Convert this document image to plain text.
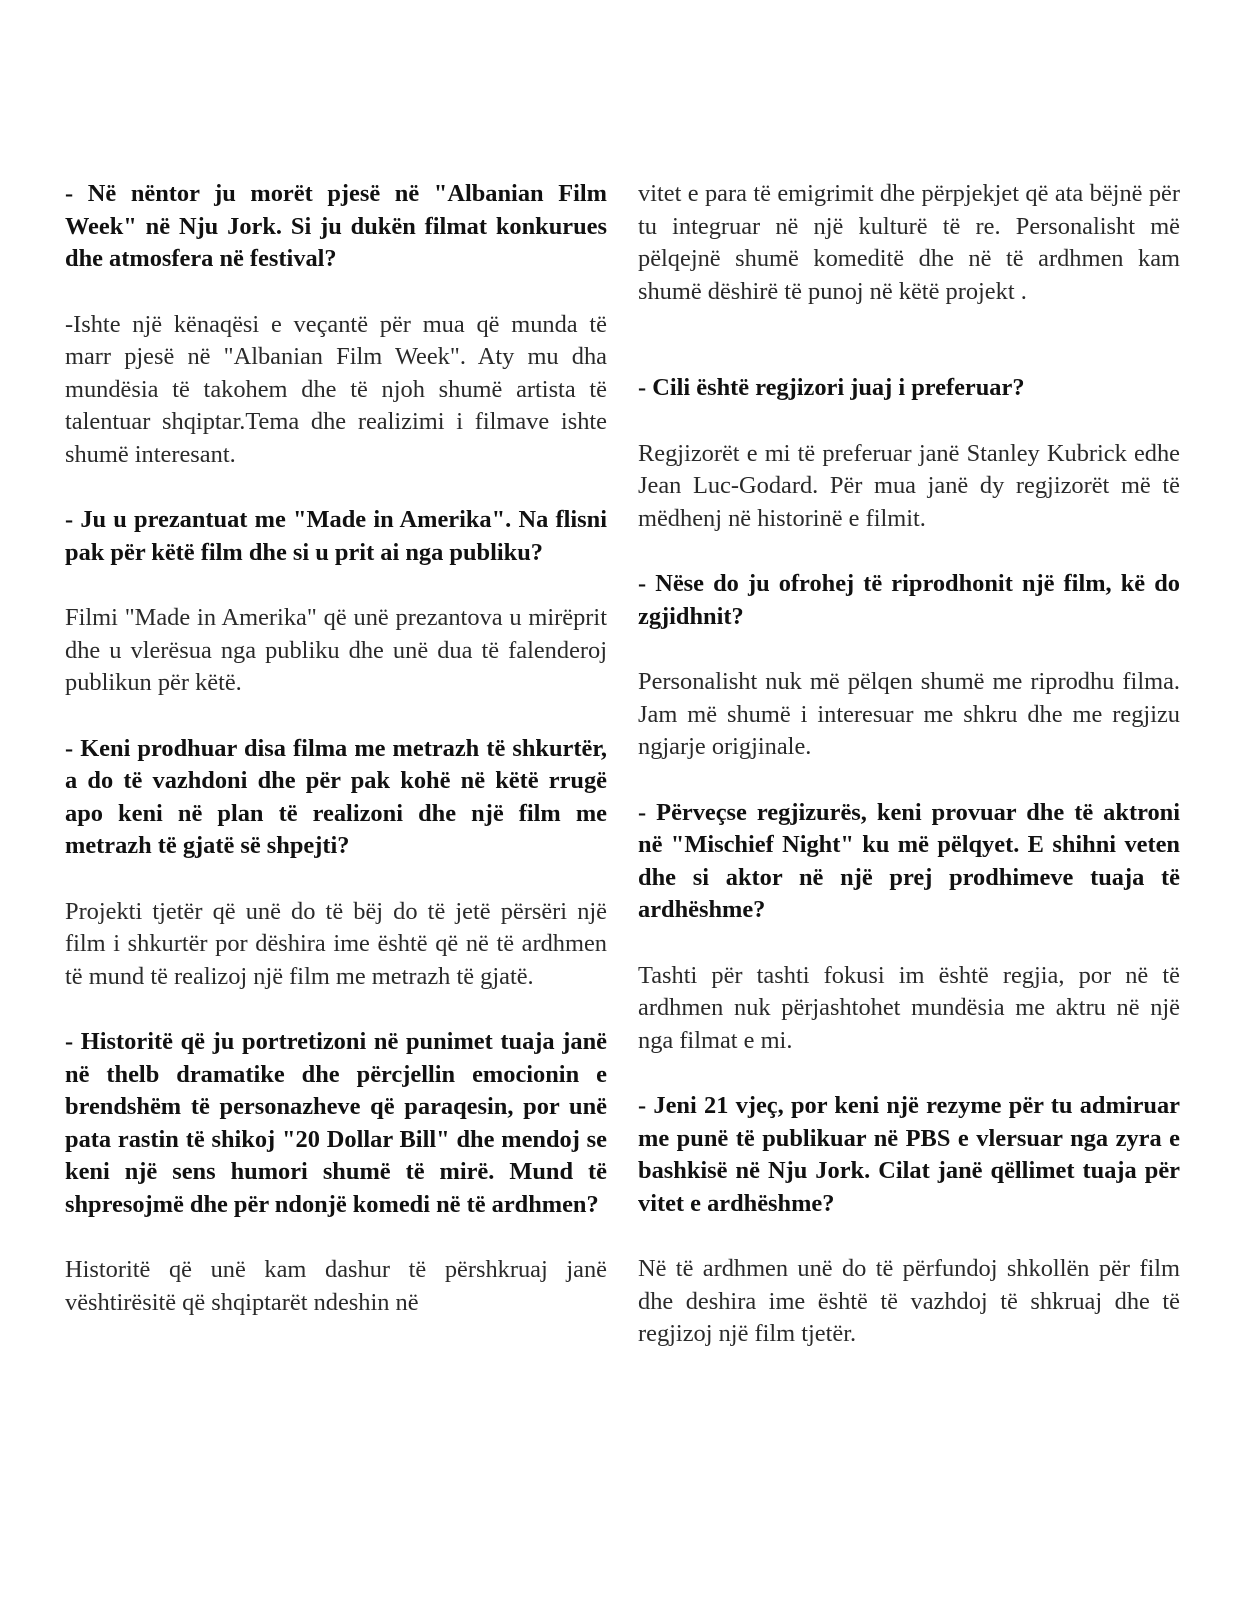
- Në nëntor ju morët pjesë në "Albanian Film Week" në Nju Jork. Si ju dukën filmat konkurues dhe atmosfera në festival?

-Ishte një kënaqësi e veçantë për mua që munda të marr pjesë në "Albanian Film Week". Aty mu dha mundësia të takohem dhe të njoh shumë artista të talentuar shqiptar.Tema dhe realizimi i filmave ishte shumë interesant.

- Ju u prezantuat me "Made in Amerika". Na flisni pak për këtë film dhe si u prit ai nga publiku?

Filmi "Made in Amerika" që unë prezantova u mirëprit dhe u vlerësua nga publiku dhe unë dua të falenderoj publikun për këtë.

- Keni prodhuar disa filma me metrazh të shkurtër, a do të vazhdoni dhe për pak kohë në këtë rrugë apo keni në plan të realizoni dhe një film me metrazh të gjatë së shpejti?

Projekti tjetër që unë do të bëj do të jetë përsëri një film i shkurtër por dëshira ime është që në të ardhmen të mund të realizoj një film me metrazh të gjatë.

- Historitë që ju portretizoni në punimet tuaja janë në thelb dramatike dhe përcjellin emocionin e brendshëm të personazheve që paraqesin, por unë pata rastin të shikoj "20 Dollar Bill" dhe mendoj se keni një sens humori shumë të mirë. Mund të shpresojmë dhe për ndonjë komedi në të ardhmen?

Historitë që unë kam dashur të përshkruaj janë vështirësitë që shqiptarët ndeshin në

vitet e para të emigrimit dhe përpjekjet që ata bëjnë për tu integruar në një kulturë të re. Personalisht më pëlqejnë shumë komeditë dhe në të ardhmen kam shumë dëshirë të punoj në këtë projekt .

- Cili është regjizori juaj i preferuar?

Regjizorët e mi të preferuar janë Stanley Kubrick edhe Jean Luc-Godard. Për mua janë dy regjizorët më të mëdhenj në historinë e filmit.

- Nëse do ju ofrohej të riprodhonit një film, kë do zgjidhnit?

Personalisht nuk më pëlqen shumë me riprodhu filma. Jam më shumë i interesuar me shkru dhe me regjizu ngjarje origjinale.

- Përveçse regjizurës, keni provuar dhe të aktroni në "Mischief Night" ku më pëlqyet. E shihni veten dhe si aktor në një prej prodhimeve tuaja të ardhëshme?

Tashti për tashti fokusi im është regjia, por në të ardhmen nuk përjashtohet mundësia me aktru në një nga filmat e mi.

- Jeni 21 vjeç, por keni një rezyme për tu admiruar me punë të publikuar në PBS e vlersuar nga zyra e bashkisë në Nju Jork. Cilat janë qëllimet tuaja për vitet e ardhëshme?

Në të ardhmen unë do të përfundoj shkollën për film dhe deshira ime është të vazhdoj të shkruaj dhe të regjizoj një film tjetër.
